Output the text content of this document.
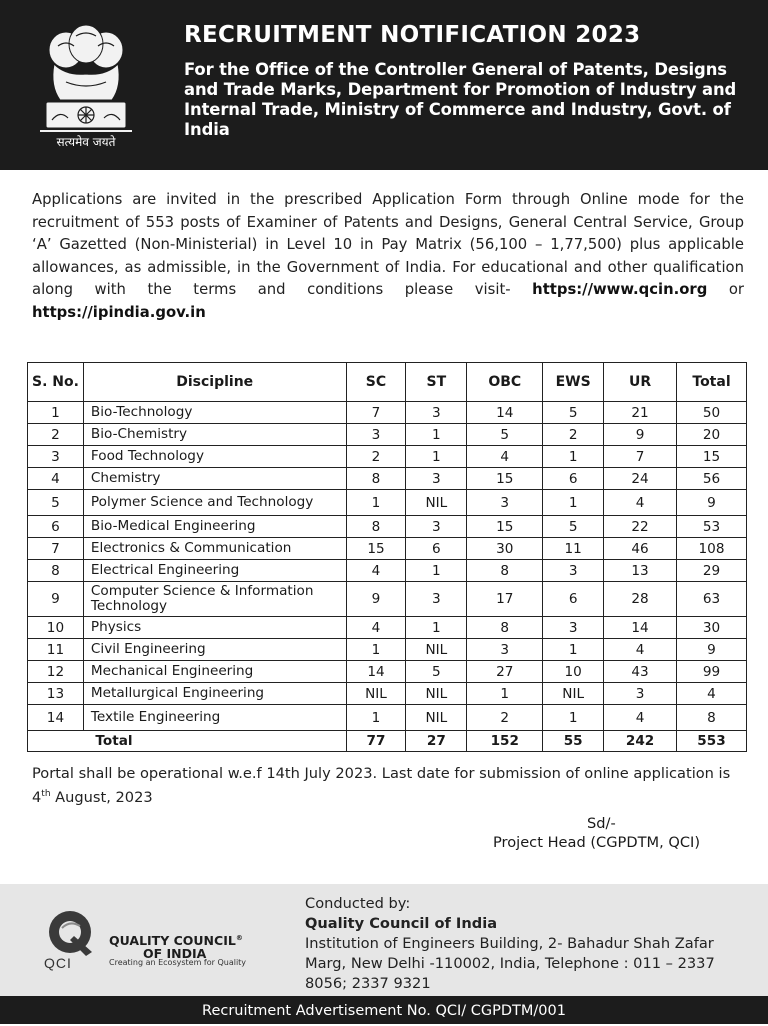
सत्यमेव जयते
RECRUITMENT NOTIFICATION 2023
For the Office of the Controller General of Patents, Designs and Trade Marks, Department for Promotion of Industry and Internal Trade, Ministry of Commerce and Industry, Govt. of India
Applications are invited in the prescribed Application Form through Online mode for the recruitment of 553 posts of Examiner of Patents and Designs, General Central Service, Group ‘A’ Gazetted (Non-Ministerial) in Level 10 in Pay Matrix (56,100 – 1,77,500) plus applicable allowances, as admissible, in the Government of India. For educational and other qualification along with the terms and conditions please visit- https://www.qcin.org or https://ipindia.gov.in
S. No.	Discipline	SC	ST	OBC	EWS	UR	Total
1	Bio-Technology	7	3	14	5	21	50
2	Bio-Chemistry	3	1	5	2	9	20
3	Food Technology	2	1	4	1	7	15
4	Chemistry	8	3	15	6	24	56
5	Polymer Science and Technology	1	NIL	3	1	4	9
6	Bio-Medical Engineering	8	3	15	5	22	53
7	Electronics & Communication	15	6	30	11	46	108
8	Electrical Engineering	4	1	8	3	13	29
9	Computer Science & Information Technology	9	3	17	6	28	63
10	Physics	4	1	8	3	14	30
11	Civil Engineering	1	NIL	3	1	4	9
12	Mechanical Engineering	14	5	27	10	43	99
13	Metallurgical Engineering	NIL	NIL	1	NIL	3	4
14	Textile Engineering	1	NIL	2	1	4	8
	Total	77	27	152	55	242	553
Portal shall be operational w.e.f 14th July 2023. Last date for submission of online application is 4th August, 2023
Sd/-
Project Head (CGPDTM, QCI)
QCI
QUALITY COUNCIL®
OF INDIA
Creating an Ecosystem for Quality
Conducted by:
Quality Council of India
Institution of Engineers Building, 2- Bahadur Shah Zafar Marg, New Delhi -110002, India, Telephone : 011 – 2337 8056; 2337 9321
Recruitment Advertisement No. QCI/ CGPDTM/001
